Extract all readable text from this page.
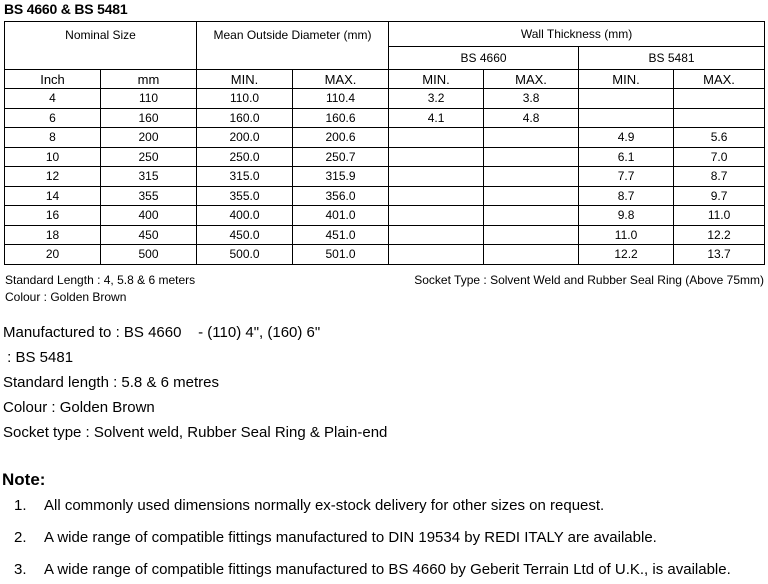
BS 4660 & BS 5481
Nominal Size		Mean Outside Diameter (mm)		Wall Thickness (mm)			
				BS 4660		BS 5481	
Inch	mm	MIN.	MAX.	MIN.	MAX.	MIN.	MAX.
4	110	110.0	110.4	3.2	3.8		
6	160	160.0	160.6	4.1	4.8		
8	200	200.0	200.6			4.9	5.6
10	250	250.0	250.7			6.1	7.0
12	315	315.0	315.9			7.7	8.7
14	355	355.0	356.0			8.7	9.7
16	400	400.0	401.0			9.8	11.0
18	450	450.0	451.0			11.0	12.2
20	500	500.0	501.0			12.2	13.7
Standard Length : 4, 5.8 & 6 meters
Colour : Golden Brown
Socket Type : Solvent Weld and Rubber Seal Ring (Above 75mm)
Manufactured to : BS 4660    - (110) 4", (160) 6"
: BS 5481
Standard length : 5.8 & 6 metres
Colour : Golden Brown
Socket type : Solvent weld, Rubber Seal Ring & Plain-end
Note:
1. All commonly used dimensions normally ex-stock delivery for other sizes on request.
2. A wide range of compatible fittings manufactured to DIN 19534 by REDI ITALY are available.
3. A wide range of compatible fittings manufactured to BS 4660 by Geberit Terrain Ltd of U.K., is available.
